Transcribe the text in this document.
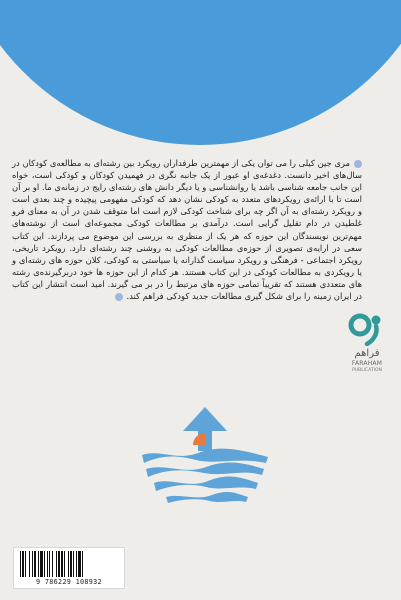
مری جین کیلی را می توان یکی از مهمترین طرفداران رویکرد بین رشته‌ای به مطالعه‌ی کودکان در سال‌های اخیر دانست. دغدغه‌ی او عبور از یک جانبه نگری در فهمیدن کودکان و کودکی است، خواه این جانب جامعه شناسی باشد یا روانشناسی و یا دیگر دانش های رشته‌ای رایج در زمانه‌ی ما. او بر آن است تا با ارائه‌ی رویکردهای متعدد به کودکی نشان دهد که کودکی مفهومی پیچیده و چند بعدی است و رویکرد رشته‌ای به آن اگر چه برای شناخت کودکی لازم است اما متوقف شدن در آن به معنای فرو غلطیدن در دام تقلیل گرایی است. درآمدی بر مطالعات کودکی مجموعه‌ای است از نوشته‌های مهم‌ترین نویسندگان این حوزه که هر یک از منظری به بررسی این موضوع می پردازند. این کتاب سعی در ارایه‌ی تصویری از حوزه‌ی مطالعات کودکی به روشنی چند رشته‌ای دارد. رویکرد تاریخی، رویکرد اجتماعی - فرهنگی و رویکرد سیاست گذارانه یا سیاستی به کودکی، کلان حوزه های رشته‌ای و یا رویکردی به مطالعات کودکی در این کتاب هستند. هر کدام از این حوزه ها خود دربرگیرنده‌ی رشته های متعددی هستند که تقریباً تمامی حوزه های مرتبط را در بر می گیرند. امید است انتشار این کتاب در ایران زمینه را برای شکل گیری مطالعات جدید کودکی فراهم کند.
فراهم
FARAHAM
PUBLICATION
9 786229 108932
